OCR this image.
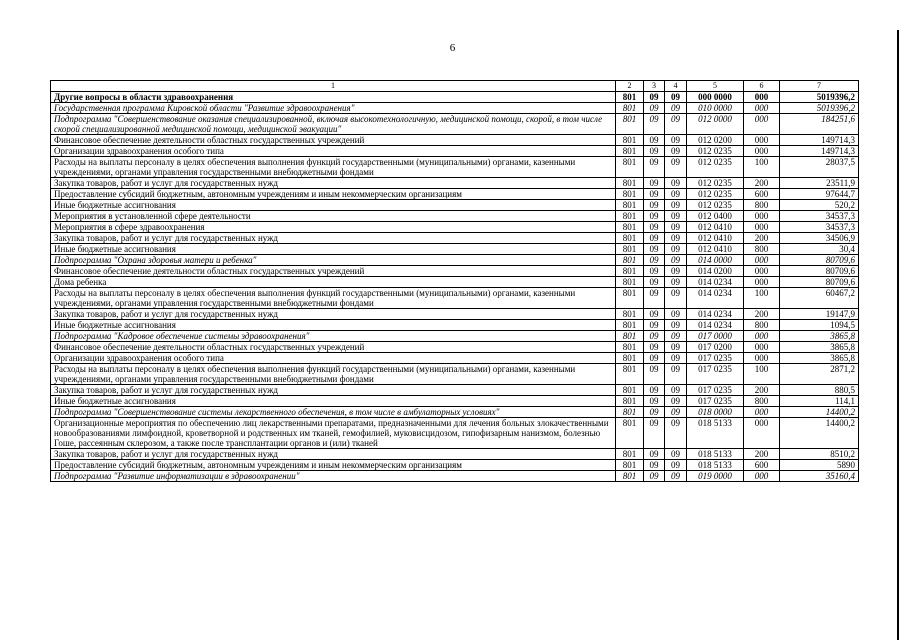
6
1	2	3	4	5	6	7
Другие вопросы в области здравоохранения	801	09	09	000 0000	000	5019396,2
Государственная программа Кировской области "Развитие здравоохранения"	801	09	09	010 0000	000	5019396,2
Подпрограмма "Совершенствование оказания специализированной, включая высокотехнологичную, медицинской помощи, скорой, в том числе скорой специализированной медицинской помощи, медицинской эвакуации"	801	09	09	012 0000	000	184251,6
Финансовое обеспечение деятельности областных государственных учреждений	801	09	09	012 0200	000	149714,3
Организации здравоохранения особого типа	801	09	09	012 0235	000	149714,3
Расходы на выплаты персоналу в целях обеспечения выполнения функций государственными (муниципальными) органами, казенными учреждениями, органами управления государственными внебюджетными фондами	801	09	09	012 0235	100	28037,5
Закупка товаров, работ и услуг для государственных нужд	801	09	09	012 0235	200	23511,9
Предоставление субсидий бюджетным, автономным учреждениям и иным некоммерческим организациям	801	09	09	012 0235	600	97644,7
Иные бюджетные ассигнования	801	09	09	012 0235	800	520,2
Мероприятия в установленной сфере деятельности	801	09	09	012 0400	000	34537,3
Мероприятия в сфере здравоохранения	801	09	09	012 0410	000	34537,3
Закупка товаров, работ и услуг для государственных нужд	801	09	09	012 0410	200	34506,9
Иные бюджетные ассигнования	801	09	09	012 0410	800	30,4
Подпрограмма "Охрана здоровья матери и ребенка"	801	09	09	014 0000	000	80709,6
Финансовое обеспечение деятельности областных государственных учреждений	801	09	09	014 0200	000	80709,6
Дома ребенка	801	09	09	014 0234	000	80709,6
Расходы на выплаты персоналу в целях обеспечения выполнения функций государственными (муниципальными) органами, казенными учреждениями, органами управления государственными внебюджетными фондами	801	09	09	014 0234	100	60467,2
Закупка товаров, работ и услуг для государственных нужд	801	09	09	014 0234	200	19147,9
Иные бюджетные ассигнования	801	09	09	014 0234	800	1094,5
Подпрограмма "Кадровое обеспечение системы здравоохранения"	801	09	09	017 0000	000	3865,8
Финансовое обеспечение деятельности областных государственных учреждений	801	09	09	017 0200	000	3865,8
Организации здравоохранения особого типа	801	09	09	017 0235	000	3865,8
Расходы на выплаты персоналу в целях обеспечения выполнения функций государственными (муниципальными) органами, казенными учреждениями, органами управления государственными внебюджетными фондами	801	09	09	017 0235	100	2871,2
Закупка товаров, работ и услуг для государственных нужд	801	09	09	017 0235	200	880,5
Иные бюджетные ассигнования	801	09	09	017 0235	800	114,1
Подпрограмма "Совершенствование системы лекарственного обеспечения, в том числе в амбулаторных условиях"	801	09	09	018 0000	000	14400,2
Организационные мероприятия по обеспечению лиц лекарственными препаратами, предназначенными для лечения больных злокачественными новообразованиями лимфоидной, кроветворной и родственных им тканей, гемофилией, муковисцидозом, гипофизарным нанизмом, болезнью Гоше, рассеянным склерозом, а также после трансплантации органов и (или) тканей	801	09	09	018 5133	000	14400,2
Закупка товаров, работ и услуг для государственных нужд	801	09	09	018 5133	200	8510,2
Предоставление субсидий бюджетным, автономным учреждениям и иным некоммерческим организациям	801	09	09	018 5133	600	5890
Подпрограмма "Развитие информатизации в здравоохранении"	801	09	09	019 0000	000	35160,4
